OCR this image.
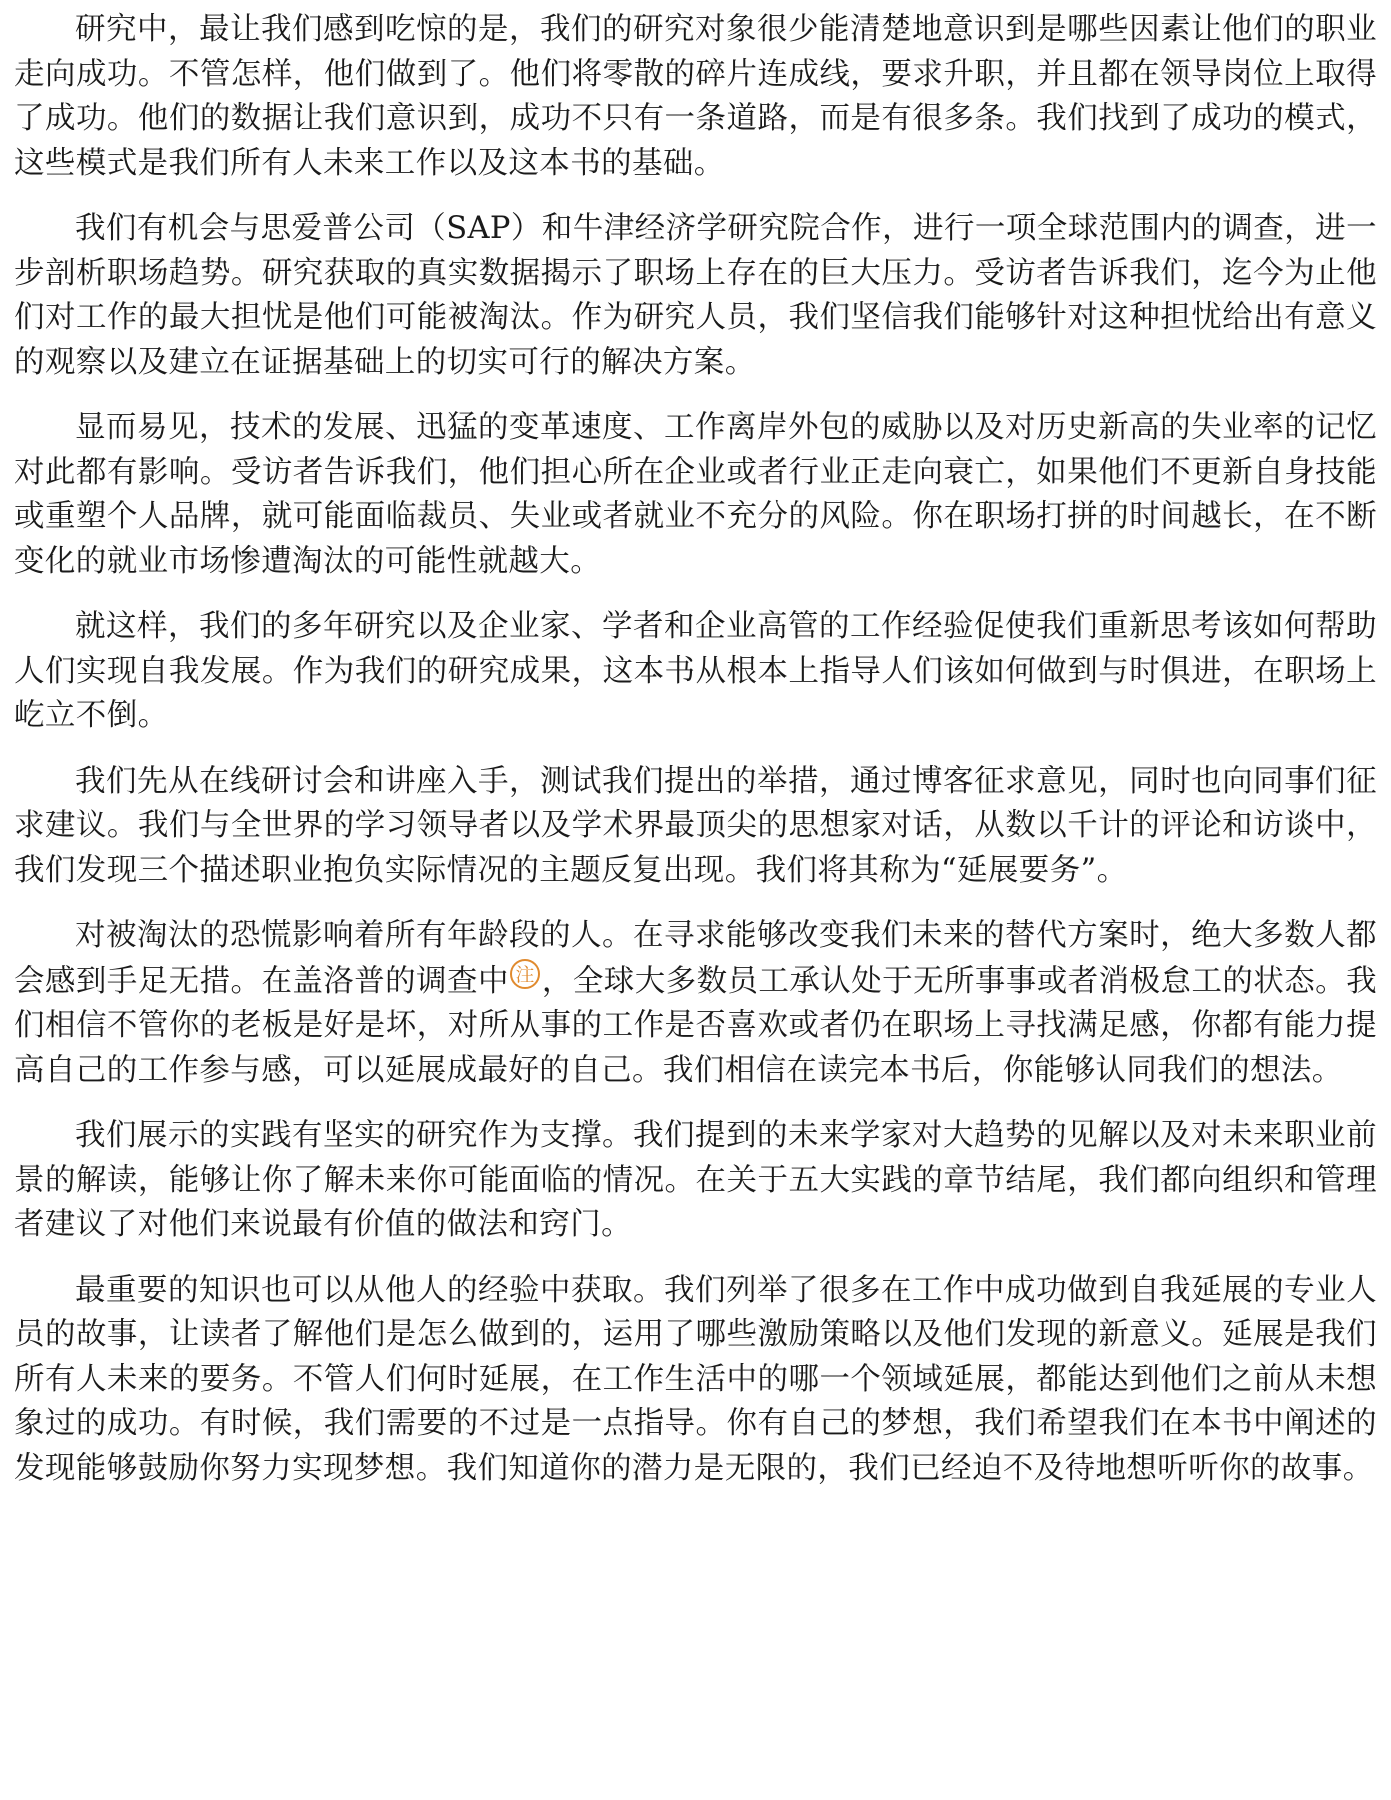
研究中，最让我们感到吃惊的是，我们的研究对象很少能清楚地意识到是哪些因素让他们的职业走向成功。不管怎样，他们做到了。他们将零散的碎片连成线，要求升职，并且都在领导岗位上取得了成功。他们的数据让我们意识到，成功不只有一条道路，而是有很多条。我们找到了成功的模式，这些模式是我们所有人未来工作以及这本书的基础。

我们有机会与思爱普公司（SAP）和牛津经济学研究院合作，进行一项全球范围内的调查，进一步剖析职场趋势。研究获取的真实数据揭示了职场上存在的巨大压力。受访者告诉我们，迄今为止他们对工作的最大担忧是他们可能被淘汰。作为研究人员，我们坚信我们能够针对这种担忧给出有意义的观察以及建立在证据基础上的切实可行的解决方案。

显而易见，技术的发展、迅猛的变革速度、工作离岸外包的威胁以及对历史新高的失业率的记忆对此都有影响。受访者告诉我们，他们担心所在企业或者行业正走向衰亡，如果他们不更新自身技能或重塑个人品牌，就可能面临裁员、失业或者就业不充分的风险。你在职场打拼的时间越长，在不断变化的就业市场惨遭淘汰的可能性就越大。

就这样，我们的多年研究以及企业家、学者和企业高管的工作经验促使我们重新思考该如何帮助人们实现自我发展。作为我们的研究成果，这本书从根本上指导人们该如何做到与时俱进，在职场上屹立不倒。

我们先从在线研讨会和讲座入手，测试我们提出的举措，通过博客征求意见，同时也向同事们征求建议。我们与全世界的学习领导者以及学术界最顶尖的思想家对话，从数以千计的评论和访谈中，我们发现三个描述职业抱负实际情况的主题反复出现。我们将其称为“延展要务”。

对被淘汰的恐慌影响着所有年龄段的人。在寻求能够改变我们未来的替代方案时，绝大多数人都会感到手足无措。在盖洛普的调查中 注 ，全球大多数员工承认处于无所事事或者消极怠工的状态。我们相信不管你的老板是好是坏，对所从事的工作是否喜欢或者仍在职场上寻找满足感，你都有能力提高自己的工作参与感，可以延展成最好的自己。我们相信在读完本书后，你能够认同我们的想法。

我们展示的实践有坚实的研究作为支撑。我们提到的未来学家对大趋势的见解以及对未来职业前景的解读，能够让你了解未来你可能面临的情况。在关于五大实践的章节结尾，我们都向组织和管理者建议了对他们来说最有价值的做法和窍门。

最重要的知识也可以从他人的经验中获取。我们列举了很多在工作中成功做到自我延展的专业人员的故事，让读者了解他们是怎么做到的，运用了哪些激励策略以及他们发现的新意义。延展是我们所有人未来的要务。不管人们何时延展，在工作生活中的哪一个领域延展，都能达到他们之前从未想象过的成功。有时候，我们需要的不过是一点指导。你有自己的梦想，我们希望我们在本书中阐述的发现能够鼓励你努力实现梦想。我们知道你的潜力是无限的，我们已经迫不及待地想听听你的故事。
